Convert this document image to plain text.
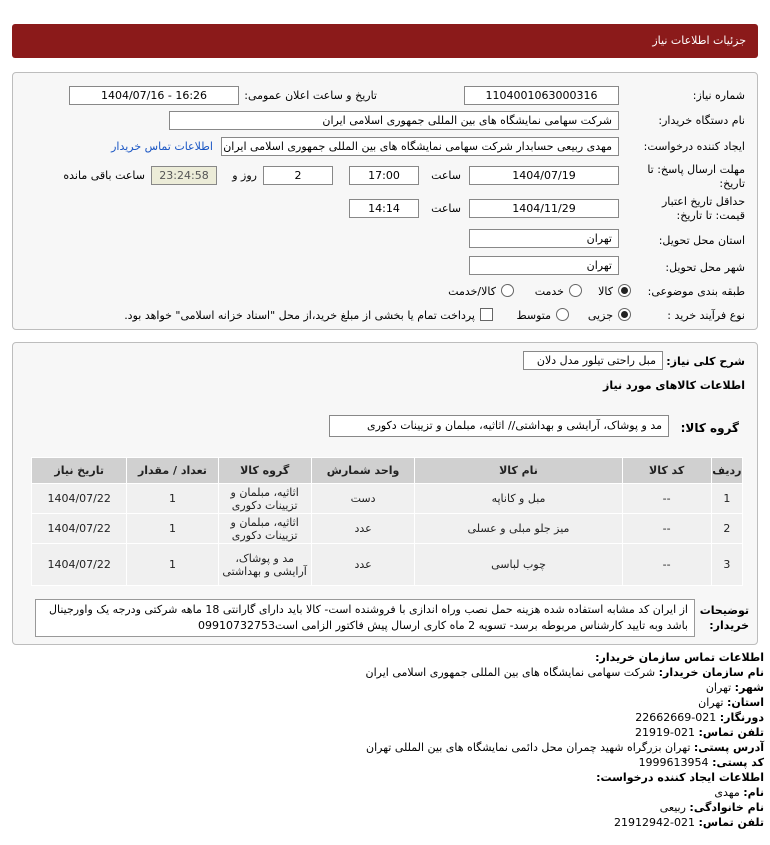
جزئیات اطلاعات نیاز
شماره نیاز:
1104001063000316
تاریخ و ساعت اعلان عمومی:
1404/07/16 - 16:26
نام دستگاه خریدار:
شرکت سهامی نمایشگاه های بین المللی جمهوری اسلامی ایران
ایجاد کننده درخواست:
مهدی ربیعی حسابدار شرکت سهامی نمایشگاه های بین المللی جمهوری اسلامی ایران
اطلاعات تماس خریدار
مهلت ارسال پاسخ: تا تاریخ:
1404/07/19
ساعت
17:00
2
روز و
23:24:58
ساعت باقی مانده
حداقل تاریخ اعتبار قیمت: تا تاریخ:
1404/11/29
ساعت
14:14
استان محل تحویل:
تهران
شهر محل تحویل:
تهران
طبقه بندی موضوعی:
کالا
خدمت
کالا/خدمت
نوع فرآیند خرید :
جزیی
متوسط
پرداخت تمام یا بخشی از مبلغ خرید،از محل "اسناد خزانه اسلامی" خواهد بود.
شرح کلی نیاز:
مبل راحتی تیلور مدل دلان
اطلاعات کالاهای مورد نیاز
گروه کالا:
مد و پوشاک، آرایشی و بهداشتی// اثاثیه، مبلمان و تزیینات دکوری
ردیف	کد کالا	نام کالا	واحد شمارش	گروه کالا	تعداد / مقدار	تاریخ نیاز
1	--	مبل و کاناپه	دست	اثاثیه، مبلمان و تزیینات دکوری	1	1404/07/22
2	--	میز جلو مبلی و عسلی	عدد	اثاثیه، مبلمان و تزیینات دکوری	1	1404/07/22
3	--	چوب لباسی	عدد	مد و پوشاک، آرایشی و بهداشتی	1	1404/07/22
توضیحات خریدار:
از ایران کد مشابه استفاده شده هزینه حمل نصب وراه اندازی با فروشنده است- کالا باید دارای گارانتی 18 ماهه شرکتی ودرجه یک واورجینال باشد وبه تایید کارشناس مربوطه برسد- تسویه 2 ماه کاری ارسال پیش فاکتور الزامی است09910732753
اطلاعات تماس سازمان خریدار:
نام سازمان خریدار: شرکت سهامی نمایشگاه های بین المللی جمهوری اسلامی ایران
شهر: تهران
استان: تهران
دورنگار: 021-22662669
تلفن تماس: 021-21919
آدرس پستی: تهران بزرگراه شهید چمران محل دائمی نمایشگاه های بین المللی تهران
کد پستی: 1999613954
اطلاعات ایجاد کننده درخواست:
نام: مهدی
نام خانوادگی: ربیعی
تلفن تماس: 021-21912942
